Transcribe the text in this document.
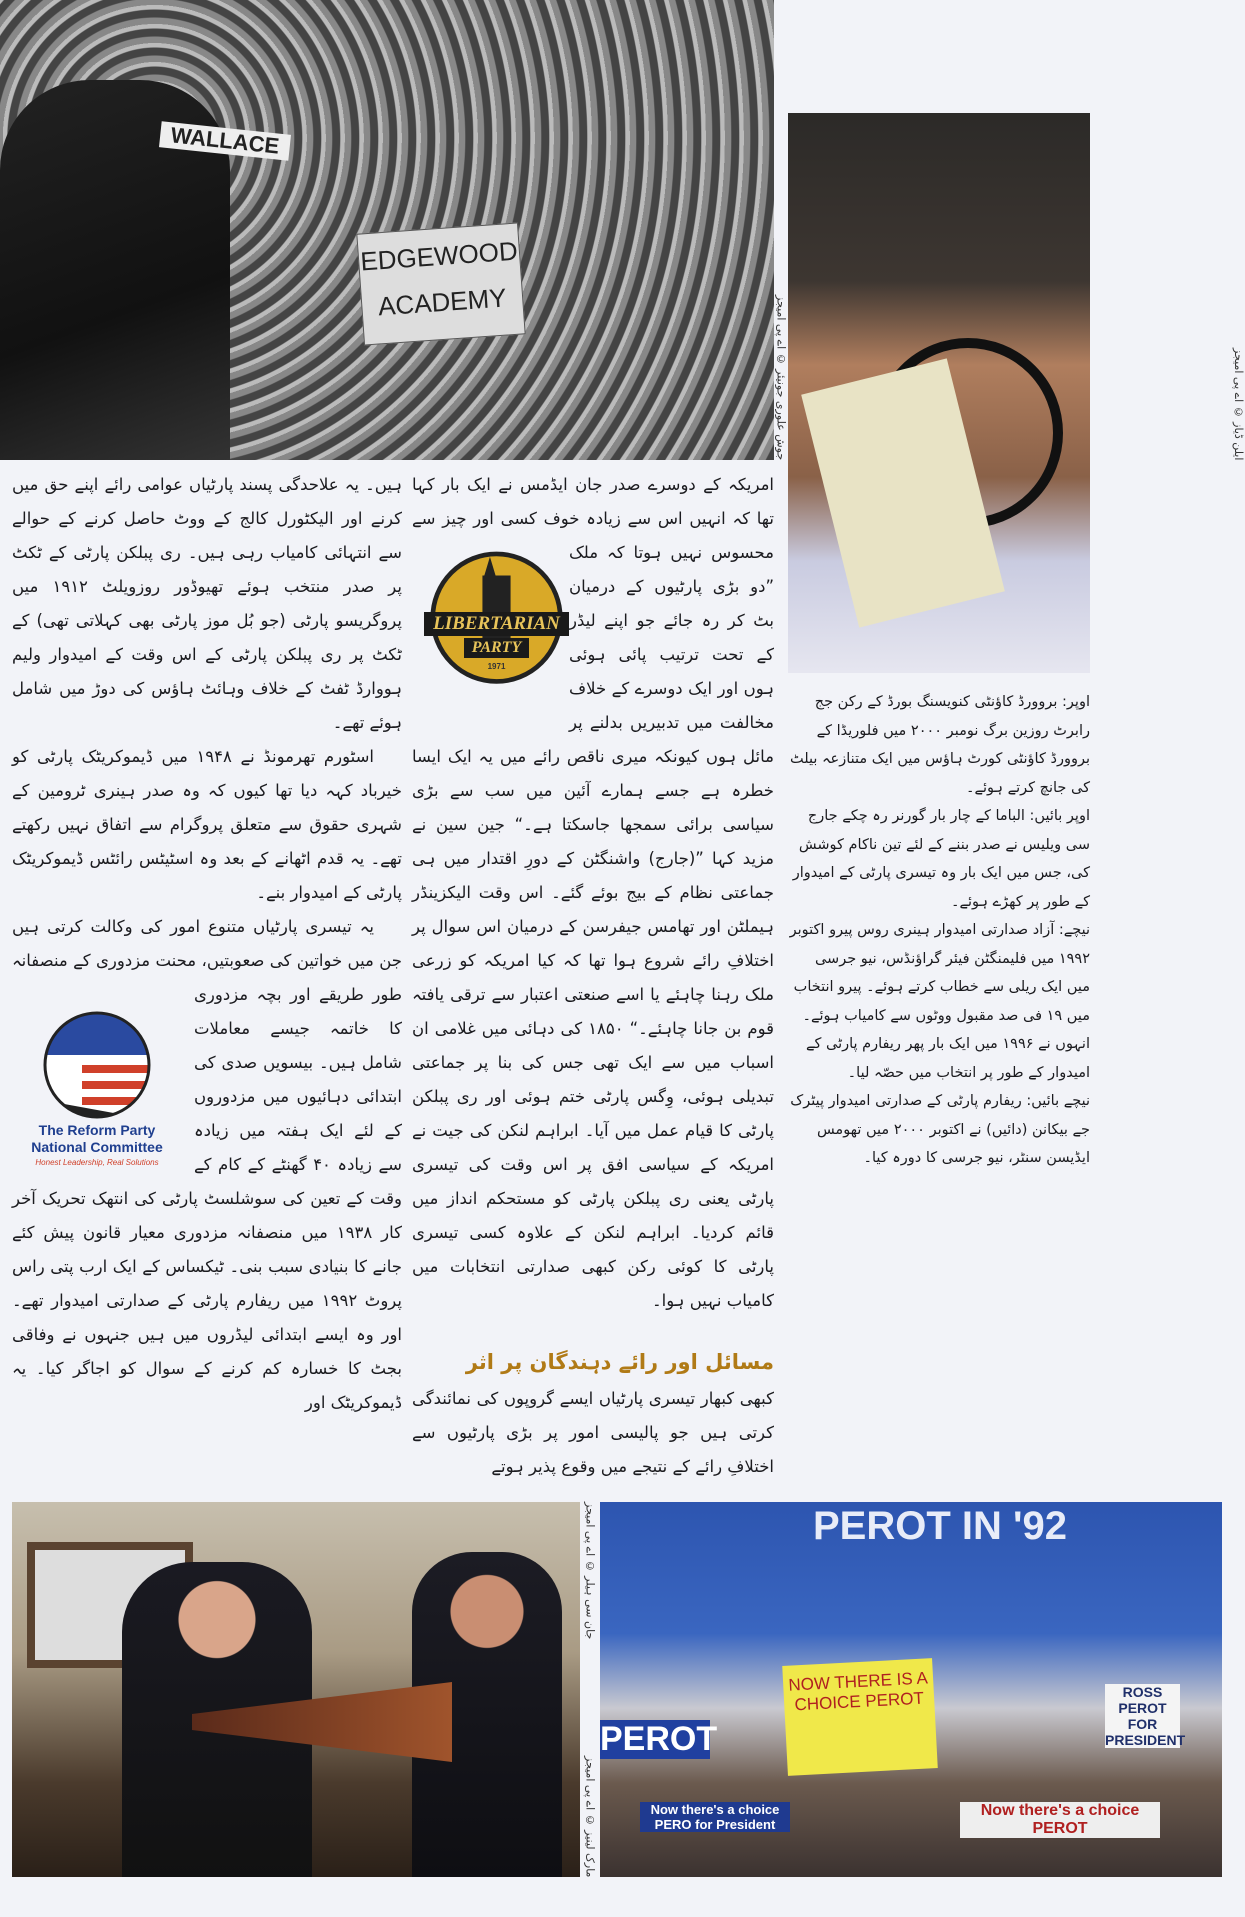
WALLACE
EDGEWOOD
ACADEMY	جوش علوری جونیئر © اے پی امیجز

اوپر: بروورڈ کاؤنٹی کنویسنگ بورڈ کے رکن جج رابرٹ روزین برگ نومبر ۲۰۰۰ میں فلوریڈا کے بروورڈ کاؤنٹی کورٹ ہاؤس میں ایک متنازعہ بیلٹ کی جانچ کرتے ہوئے۔

اوپر بائیں: الباما کے چار بار گورنر رہ چکے جارج سی ویلیس نے صدر بننے کے لئے تین ناکام کوشش کی، جس میں ایک بار وہ تیسری پارٹی کے امیدوار کے طور پر کھڑے ہوئے۔

نیچے: آزاد صدارتی امیدوار ہینری روس پیرو اکتوبر ۱۹۹۲ میں فلیمنگٹن فیئر گراؤنڈس، نیو جرسی میں ایک ریلی سے خطاب کرتے ہوئے۔ پیرو انتخاب میں ۱۹ فی صد مقبول ووٹوں سے کامیاب ہوئے۔ انہوں نے ۱۹۹۶ میں ایک بار پھر ریفارم پارٹی کے امیدوار کے طور پر انتخاب میں حصّہ لیا۔

نیچے بائیں: ریفارم پارٹی کے صدارتی امیدوار پیٹرک جے بیکانن (دائیں) نے اکتوبر ۲۰۰۰ میں تھومس ایڈیسن سنٹر، نیو جرسی کا دورہ کیا۔

ایلن ڈیاز © اے پی امیجز

ہیں۔ یہ علاحدگی پسند پارٹیاں عوامی رائے اپنے حق میں کرنے اور الیکٹورل کالج کے ووٹ حاصل کرنے کے حوالے سے انتہائی کامیاب رہی ہیں۔ ری پبلکن پارٹی کے ٹکٹ پر صدر منتخب ہوئے تھیوڈور روزویلٹ ۱۹۱۲ میں پروگریسو پارٹی (جو بُل موز پارٹی بھی کہلاتی تھی) کے ٹکٹ پر ری پبلکن پارٹی کے اس وقت کے امیدوار ولیم ہووارڈ ٹفٹ کے خلاف وہائٹ ہاؤس کی دوڑ میں شامل ہوئے تھے۔

اسٹورم تھرمونڈ نے ۱۹۴۸ میں ڈیموکریٹک پارٹی کو خیرباد کہہ دیا تھا کیوں کہ وہ صدر ہینری ٹرومین کے شہری حقوق سے متعلق پروگرام سے اتفاق نہیں رکھتے تھے۔ یہ قدم اٹھانے کے بعد وہ اسٹیٹس رائٹس ڈیموکریٹک پارٹی کے امیدوار بنے۔

The Reform Party
National Committee
Honest Leadership, Real Solutions

یہ تیسری پارٹیاں متنوع امور کی وکالت کرتی ہیں جن میں خواتین کی صعوبتیں، محنت مزدوری کے منصفانہ طور طریقے اور بچہ مزدوری کا خاتمہ جیسے معاملات شامل ہیں۔ بیسویں صدی کی ابتدائی دہائیوں میں مزدوروں کے لئے ایک ہفتہ میں زیادہ سے زیادہ ۴۰ گھنٹے کے کام کے وقت کے تعین کی سوشلسٹ پارٹی کی انتھک تحریک آخر کار ۱۹۳۸ میں منصفانہ مزدوری معیار قانون پیش کئے جانے کا بنیادی سبب بنی۔ ٹیکساس کے ایک ارب پتی راس پروٹ ۱۹۹۲ میں ریفارم پارٹی کے صدارتی امیدوار تھے۔ اور وہ ایسے ابتدائی لیڈروں میں ہیں جنہوں نے وفاقی بجٹ کا خسارہ کم کرنے کے سوال کو اجاگر کیا۔ یہ ڈیموکریٹک اور

LIBERTARIAN
PARTY
1971

امریکہ کے دوسرے صدر جان ایڈمس نے ایک بار کہا تھا کہ انہیں اس سے زیادہ خوف کسی اور چیز سے محسوس نہیں ہوتا کہ ملک ”دو بڑی پارٹیوں کے درمیان بٹ کر رہ جائے جو اپنے لیڈر کے تحت ترتیب پائی ہوئی ہوں اور ایک دوسرے کے خلاف مخالفت میں تدبیریں بدلنے پر مائل ہوں کیونکہ میری ناقص رائے میں یہ ایک ایسا خطرہ ہے جسے ہمارے آئین میں سب سے بڑی سیاسی برائی سمجھا جاسکتا ہے۔“ جین سین نے مزید کہا ”(جارج) واشنگٹن کے دورِ اقتدار میں ہی جماعتی نظام کے بیج بوئے گئے۔ اس وقت الیکزینڈر ہیملٹن اور تھامس جیفرسن کے درمیان اس سوال پر اختلافِ رائے شروع ہوا تھا کہ کیا امریکہ کو زرعی ملک رہنا چاہئے یا اسے صنعتی اعتبار سے ترقی یافتہ قوم بن جانا چاہئے۔“ ۱۸۵۰ کی دہائی میں غلامی ان اسباب میں سے ایک تھی جس کی بنا پر جماعتی تبدیلی ہوئی، وِگس پارٹی ختم ہوئی اور ری پبلکن پارٹی کا قیام عمل میں آیا۔ ابراہم لنکن کی جیت نے امریکہ کے سیاسی افق پر اس وقت کی تیسری پارٹی یعنی ری پبلکن پارٹی کو مستحکم انداز میں قائم کردیا۔ ابراہم لنکن کے علاوہ کسی تیسری پارٹی کا کوئی رکن کبھی صدارتی انتخابات میں کامیاب نہیں ہوا۔

مسائل اور رائے دہندگان پر اثر

کبھی کبھار تیسری پارٹیاں ایسے گروپوں کی نمائندگی کرتی ہیں جو پالیسی امور پر بڑی پارٹیوں سے اختلافِ رائے کے نتیجے میں وقوع پذیر ہوتے

جان سی ہیلر © اے پی امیجز
مارک لینیز © اے پی امیجز
PEROT IN '92
NOW THERE IS A CHOICE PEROT
PEROT
ROSS PEROT FOR PRESIDENT
Now there's a choice PERO for President
Now there's a choice PEROT
